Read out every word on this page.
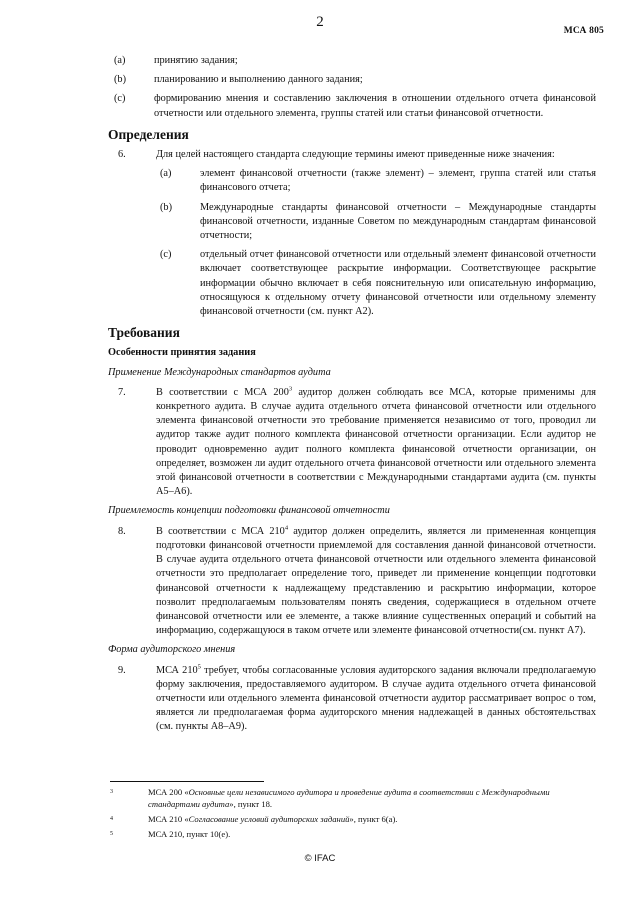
2
МСА 805
(a)	принятию задания;
(b)	планированию и выполнению данного задания;
(c)	формированию мнения и составлению заключения в отношении отдельного отчета финансовой отчетности или отдельного элемента, группы статей или статьи финансовой отчетности.
Определения
6.	Для целей настоящего стандарта следующие термины имеют приведенные ниже значения:
(a)	элемент финансовой отчетности (также элемент) – элемент, группа статей или статья финансового отчета;
(b)	Международные стандарты финансовой отчетности – Международные стандарты финансовой отчетности, изданные Советом по международным стандартам финансовой отчетности;
(c)	отдельный отчет финансовой отчетности или отдельный элемент финансовой отчетности включает соответствующее раскрытие информации. Соответствующее раскрытие информации обычно включает в себя пояснительную или описательную информацию, относящуюся к отдельному отчету финансовой отчетности или отдельному элементу финансовой отчетности (см. пункт A2).
Требования
Особенности принятия задания
Применение Международных стандартов аудита
7.	В соответствии с МСА $200^3$ аудитор должен соблюдать все МСА, которые применимы для конкретного аудита. В случае аудита отдельного отчета финансовой отчетности или отдельного элемента финансовой отчетности это требование применяется независимо от того, проводил ли аудитор также аудит полного комплекта финансовой отчетности организации. Если аудитор не проводит одновременно аудит полного комплекта финансовой отчетности организации, он определяет, возможен ли аудит отдельного отчета финансовой отчетности или отдельного элемента этой финансовой отчетности в соответствии с Международными стандартами аудита (см. пункты A5–A6).
Приемлемость концепции подготовки финансовой отчетности
8.	В соответствии с МСА $210^4$ аудитор должен определить, является ли примененная концепция подготовки финансовой отчетности приемлемой для составления данной финансовой отчетности. В случае аудита отдельного отчета финансовой отчетности или отдельного элемента финансовой отчетности это предполагает определение того, приведет ли применение концепции подготовки финансовой отчетности к надлежащему представлению и раскрытию информации, которое позволит предполагаемым пользователям понять сведения, содержащиеся в отдельном отчете финансовой отчетности или ее элементе, а также влияние существенных операций и событий на информацию, содержащуюся в таком отчете или элементе финансовой отчетности(см. пункт A7).
Форма аудиторского мнения
9.	МСА $210^5$ требует, чтобы согласованные условия аудиторского задания включали предполагаемую форму заключения, предоставляемого аудитором. В случае аудита отдельного отчета финансовой отчетности или отдельного элемента финансовой отчетности аудитор рассматривает вопрос о том, является ли предполагаемая форма аудиторского мнения надлежащей в данных обстоятельствах (см. пункты A8–A9).
3	МСА 200 «Основные цели независимого аудитора и проведение аудита в соответствии с Международными стандартами аудита», пункт 18.
4	МСА 210 «Согласование условий аудиторских заданий», пункт 6(a).
5	МСА 210, пункт 10(e).
© IFAC
